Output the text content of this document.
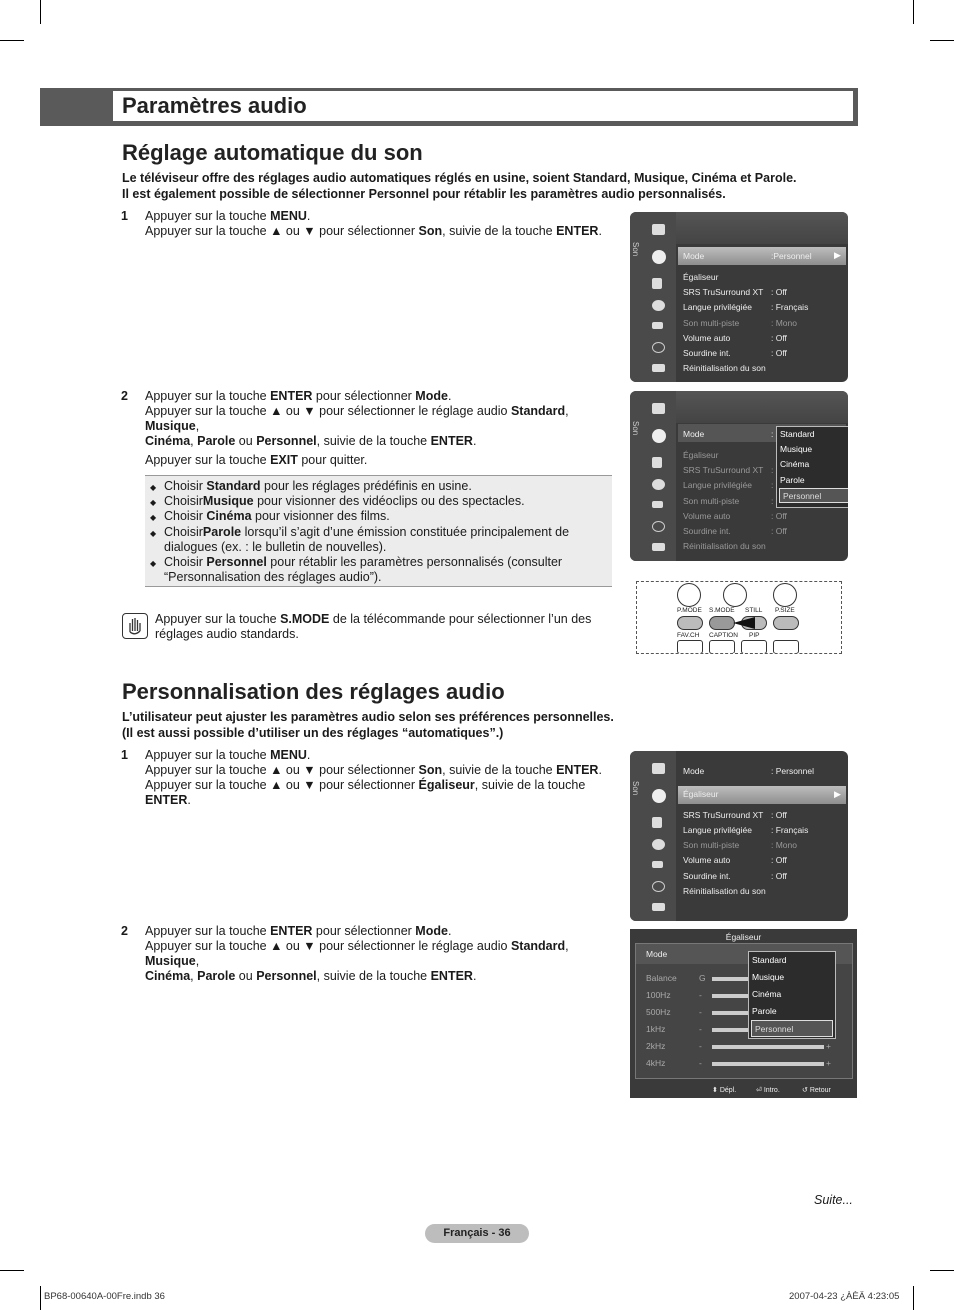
Paramètres audio
Réglage automatique du son
Le téléviseur offre des réglages audio automatiques réglés en usine, soient Standard, Musique, Cinéma et Parole.
Il est également possible de sélectionner Personnel pour rétablir les paramètres audio personnalisés.
1 Appuyer sur la touche MENU.
Appuyer sur la touche ▲ ou ▼ pour sélectionner Son, suivie de la touche ENTER.
2 Appuyer sur la touche ENTER pour sélectionner Mode.
Appuyer sur la touche ▲ ou ▼ pour sélectionner le réglage audio Standard, Musique,
Cinéma, Parole ou Personnel, suivie de la touche ENTER.
Appuyer sur la touche EXIT pour quitter.
◆ Choisir Standard pour les réglages prédéfinis en usine.
◆ ChoisirMusique pour visionner des vidéoclips ou des spectacles.
◆ Choisir Cinéma pour visionner des films.
◆ ChoisirParole lorsqu’il s’agit d’une émission constituée principalement de dialogues (ex. : le bulletin de nouvelles).
◆ Choisir Personnel pour rétablir les paramètres personnalisés (consulter “Personnalisation des réglages audio”).
Appuyer sur la touche S.MODE de la télécommande pour sélectionner l’un des réglages audio standards.
Son	▶
Mode	:Personnel
Égaliseur
SRS TruSurround XT : Off
Langue privilégiée : Français
Son multi-piste	: Mono
Volume auto	: Off
Sourdine int.	: Off
Réinitialisation du son
Son	Mode	:
Égaliseur
SRS TruSurround XT :
Langue privilégiée :
Son multi-piste	:
Volume auto	: Off
Sourdine int.	: Off
Réinitialisation du son
Standard
Musique
Cinéma
Parole
Personnel
P.MODE S.MODE STILL P.SIZE
FAV.CH CAPTION PIP
Personnalisation des réglages audio
L’utilisateur peut ajuster les paramètres audio selon ses préférences personnelles.
(Il est aussi possible d’utiliser un des réglages “automatiques”.)
1 Appuyer sur la touche MENU.
Appuyer sur la touche ▲ ou ▼ pour sélectionner Son, suivie de la touche ENTER.
Appuyer sur la touche ▲ ou ▼ pour sélectionner Égaliseur, suivie de la touche
ENTER.
2 Appuyer sur la touche ENTER pour sélectionner Mode.
Appuyer sur la touche ▲ ou ▼ pour sélectionner le réglage audio Standard, Musique,
Cinéma, Parole ou Personnel, suivie de la touche ENTER.
Son	▶
Mode	: Personnel
Égaliseur
SRS TruSurround XT : Off
Langue privilégiée : Français
Son multi-piste	: Mono
Volume auto	: Off
Sourdine int.	: Off
Réinitialisation du son
Égaliseur
Mode
Balance	G
100Hz	-
500Hz	-
1kHz	-
2kHz	-	+
4kHz	-	+
Standard
Musique
Cinéma
Parole
Personnel
⬍ Dépl.	⏎ Intro.	↺ Retour
Suite...
Français - 36
BP68-00640A-00Fre.indb 36	2007-04-23 ¿ÀÈÄ 4:23:05
